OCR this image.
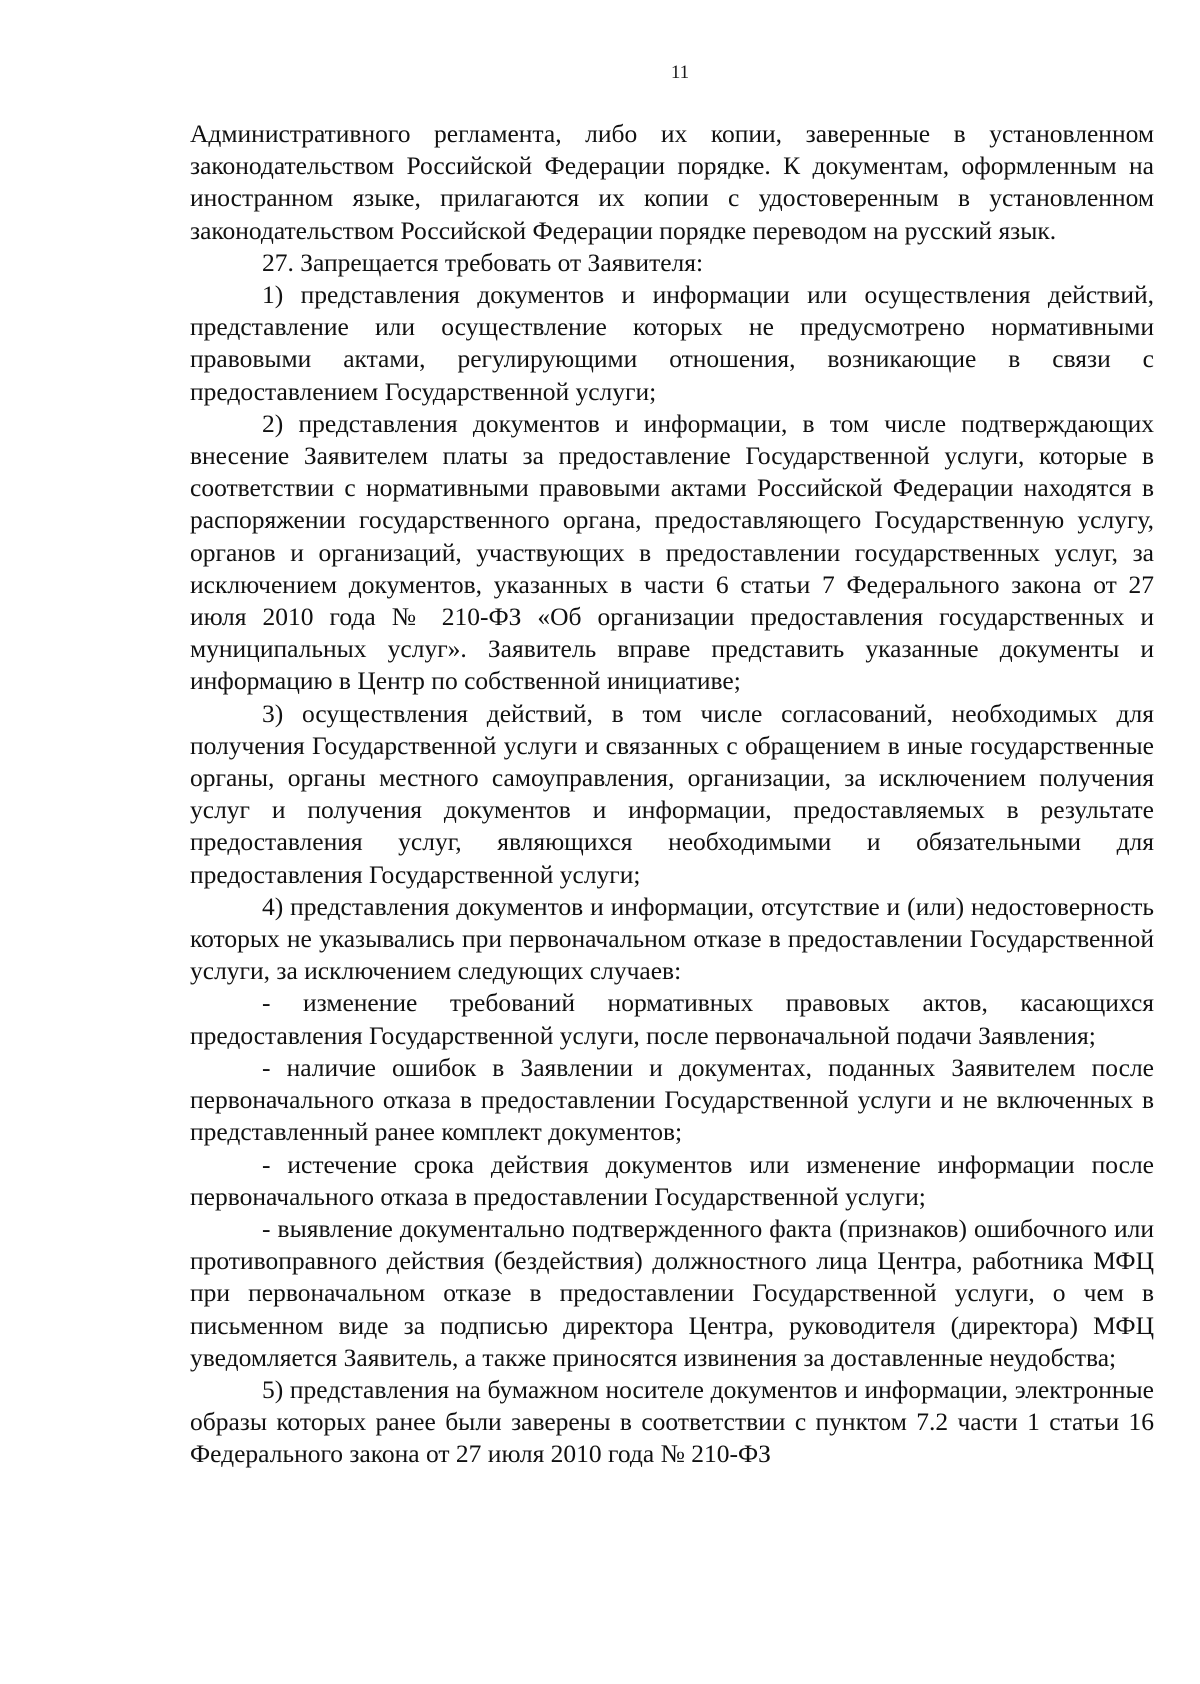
11

Административного регламента, либо их копии, заверенные в установленном законодательством Российской Федерации порядке. К документам, оформленным на иностранном языке, прилагаются их копии с удостоверенным в установленном законодательством Российской Федерации порядке переводом на русский язык.

27. Запрещается требовать от Заявителя:

1) представления документов и информации или осуществления действий, представление или осуществление которых не предусмотрено нормативными правовыми актами, регулирующими отношения, возникающие в связи с предоставлением Государственной услуги;

2) представления документов и информации, в том числе подтверждающих внесение Заявителем платы за предоставление Государственной услуги, которые в соответствии с нормативными правовыми актами Российской Федерации находятся в распоряжении государственного органа, предоставляющего Государственную услугу, органов и организаций, участвующих в предоставлении государственных услуг, за исключением документов, указанных в части 6 статьи 7 Федерального закона от 27 июля 2010 года № 210-ФЗ «Об организации предоставления государственных и муниципальных услуг». Заявитель вправе представить указанные документы и информацию в Центр по собственной инициативе;

3) осуществления действий, в том числе согласований, необходимых для получения Государственной услуги и связанных с обращением в иные государственные органы, органы местного самоуправления, организации, за исключением получения услуг и получения документов и информации, предоставляемых в результате предоставления услуг, являющихся необходимыми и обязательными для предоставления Государственной услуги;

4) представления документов и информации, отсутствие и (или) недостоверность которых не указывались при первоначальном отказе в предоставлении Государственной услуги, за исключением следующих случаев:

- изменение требований нормативных правовых актов, касающихся предоставления Государственной услуги, после первоначальной подачи Заявления;

- наличие ошибок в Заявлении и документах, поданных Заявителем после первоначального отказа в предоставлении Государственной услуги и не включенных в представленный ранее комплект документов;

- истечение срока действия документов или изменение информации после первоначального отказа в предоставлении Государственной услуги;

- выявление документально подтвержденного факта (признаков) ошибочного или противоправного действия (бездействия) должностного лица Центра, работника МФЦ при первоначальном отказе в предоставлении Государственной услуги, о чем в письменном виде за подписью директора Центра, руководителя (директора) МФЦ уведомляется Заявитель, а также приносятся извинения за доставленные неудобства;

5) представления на бумажном носителе документов и информации, электронные образы которых ранее были заверены в соответствии с пунктом 7.2 части 1 статьи 16 Федерального закона от 27 июля 2010 года № 210-ФЗ
